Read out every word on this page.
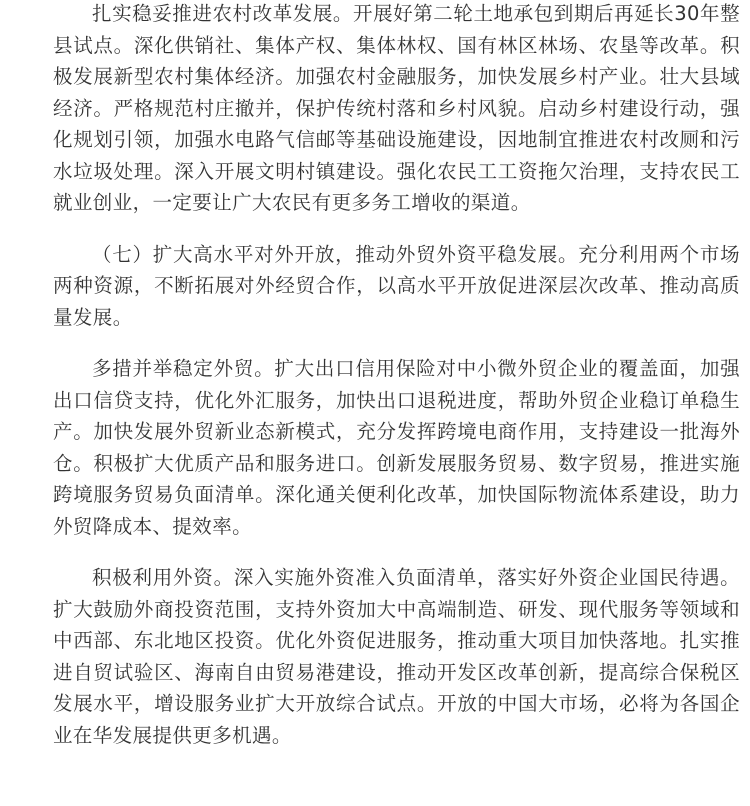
扎实稳妥推进农村改革发展。开展好第二轮土地承包到期后再延长30年整县试点。深化供销社、集体产权、集体林权、国有林区林场、农垦等改革。积极发展新型农村集体经济。加强农村金融服务，加快发展乡村产业。壮大县域经济。严格规范村庄撤并，保护传统村落和乡村风貌。启动乡村建设行动，强化规划引领，加强水电路气信邮等基础设施建设，因地制宜推进农村改厕和污水垃圾处理。深入开展文明村镇建设。强化农民工工资拖欠治理，支持农民工就业创业，一定要让广大农民有更多务工增收的渠道。

（七）扩大高水平对外开放，推动外贸外资平稳发展。充分利用两个市场两种资源，不断拓展对外经贸合作，以高水平开放促进深层次改革、推动高质量发展。

多措并举稳定外贸。扩大出口信用保险对中小微外贸企业的覆盖面，加强出口信贷支持，优化外汇服务，加快出口退税进度，帮助外贸企业稳订单稳生产。加快发展外贸新业态新模式，充分发挥跨境电商作用，支持建设一批海外仓。积极扩大优质产品和服务进口。创新发展服务贸易、数字贸易，推进实施跨境服务贸易负面清单。深化通关便利化改革，加快国际物流体系建设，助力外贸降成本、提效率。

积极利用外资。深入实施外资准入负面清单，落实好外资企业国民待遇。扩大鼓励外商投资范围，支持外资加大中高端制造、研发、现代服务等领域和中西部、东北地区投资。优化外资促进服务，推动重大项目加快落地。扎实推进自贸试验区、海南自由贸易港建设，推动开发区改革创新，提高综合保税区发展水平，增设服务业扩大开放综合试点。开放的中国大市场，必将为各国企业在华发展提供更多机遇。
